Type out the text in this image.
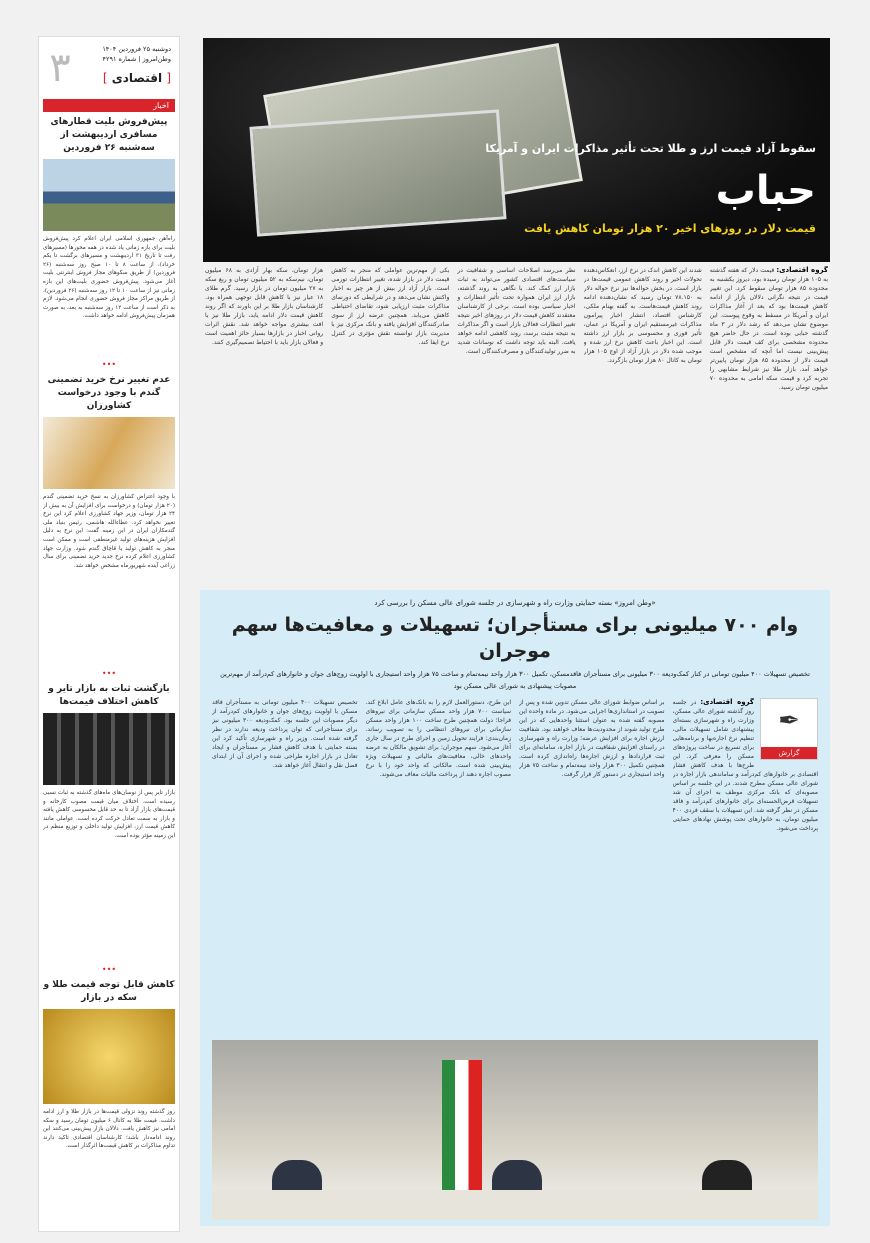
۳	دوشنبه ۲۵ فروردین ۱۴۰۴
وطن‌امروز | شماره ۴۲۹۱
[ اقتصادی ]
اخبار
پیش‌فروش بلیت قطارهای مسافری اردیبهشت از سه‌شنبه ۲۶ فروردین
راه‌آهن جمهوری اسلامی ایران اعلام کرد پیش‌فروش بلیت برای بازه زمانی یاد شده در همه محورها (مسیرهای رفت تا تاریخ ۳۱ اردیبهشت و مسیرهای برگشت تا یکم خرداد)، از ساعت ۸ تا ۱۰ صبح روز سه‌شنبه (۲۶ فروردین) از طریق سکوهای مجاز فروش اینترنتی بلیت آغاز می‌شود. پیش‌فروش حضوری بلیت‌های این بازه زمانی نیز از ساعت ۱۰ تا ۱۲ روز سه‌شنبه (۲۶ فروردین)، از طریق مراکز مجاز فروش حضوری انجام می‌شود. لازم به ذکر است از ساعت ۱۲ روز سه‌شنبه به بعد، به صورت همزمان پیش‌فروش ادامه خواهد داشت.
•••
عدم تغییر نرخ خرید تضمینی گندم با وجود درخواست کشاورزان
با وجود اعتراض کشاورزان به نسخ خرید تضمینی گندم (۲۰ هزار تومان) و درخواست برای افزایش آن به بیش از ۲۴ هزار تومان، وزیر جهاد کشاورزی اعلام کرد این نرخ تغییر نخواهد کرد. عطاءالله هاشمی، رئیس بنیاد ملی گندمکاران ایران در این زمینه گفت: این نرخ به دلیل افزایش هزینه‌های تولید غیرمنطقی است و ممکن است منجر به کاهش تولید یا قاچاق گندم شود. وزارت جهاد کشاورزی اعلام کرده نرخ جدید خرید تضمینی برای سال زراعی آینده شهریورماه مشخص خواهد شد.
•••
بازگشت ثبات به بازار تایر و کاهش اختلاف قیمت‌ها
بازار تایر پس از نوسان‌های ماه‌های گذشته به ثبات نسبی رسیده است. اختلاف میان قیمت مصوب کارخانه و قیمت‌های بازار آزاد تا به حد قابل محسوسی کاهش یافته و بازار به سمت تعادل حرکت کرده است. عواملی مانند کاهش قیمت ارز، افزایش تولید داخلی و توزیع منظم در این زمینه مؤثر بوده است.
•••
کاهش قابل توجه قیمت طلا و سکه در بازار
روز گذشته روند نزولی قیمت‌ها در بازار طلا و ارز ادامه داشت. قیمت طلا به کانال ۶ میلیون تومان رسید و سکه امامی نیز کاهش یافت. دلالان بازار پیش‌بینی می‌کنند این روند ادامه‌دار باشد؛ کارشناسان اقتصادی تاکید دارند تداوم مذاکرات بر کاهش قیمت‌ها اثرگذار است.
سقوط آزاد قیمت ارز و طلا تحت تأثیر مذاکرات ایران و آمریکا
حباب
قیمت دلار در روزهای اخیر ۲۰ هزار تومان کاهش یافت
گروه اقتصادی: قیمت دلار که هفته گذشته به ۱۰۵ هزار تومان رسیده بود، دیروز یکشنبه به محدوده ۸۵ هزار تومان سقوط کرد. این تغییر قیمت در نتیجه نگرانی دلالان بازار از ادامه کاهش قیمت‌ها بود که بعد از آغاز مذاکرات ایران و آمریکا در مسقط به وقوع پیوست. این موضوع نشان می‌دهد که رشد دلار در ۳ ماه گذشته حبابی بوده است. در حال حاضر هیچ محدوده مشخصی برای کف قیمت دلار قابل پیش‌بینی نیست اما آنچه که مشخص است قیمت دلار از محدوده ۸۵ هزار تومان پایین‌تر خواهد آمد. بازار طلا نیز شرایط مشابهی را تجربه کرد و قیمت سکه امامی به محدوده ۷۰ میلیون تومان رسید.
شدند این کاهش اندک در نرخ ارز، انعکاس‌دهنده تحولات اخیر و روند کاهش عمومی قیمت‌ها در بازار است. در بخش حواله‌ها نیز نرخ حواله دلار به ۷۸.۱۵۰ تومان رسید که نشان‌دهنده ادامه روند کاهش قیمت‌هاست. به گفته بهنام ملکی، کارشناس اقتصاد، انتشار اخبار پیرامون مذاکرات غیرمستقیم ایران و آمریکا در عمان، تأثیر فوری و محسوسی بر بازار ارز داشته است. این اخبار باعث کاهش نرخ ارز شده و موجب شده دلار در بازار آزاد از اوج ۱۰۵ هزار تومان به کانال ۸۰ هزار تومان بازگردد.
نظر می‌رسد اصلاحات اساسی و شفافیت در سیاست‌های اقتصادی کشور می‌تواند به ثبات بازار ارز کمک کند. با نگاهی به روند گذشته، بازار ارز ایران همواره تحت تأثیر انتظارات و اخبار سیاسی بوده است. برخی از کارشناسان معتقدند کاهش قیمت دلار در روزهای اخیر نتیجه تغییر انتظارات فعالان بازار است و اگر مذاکرات به نتیجه مثبت برسد، روند کاهشی ادامه خواهد یافت. البته باید توجه داشت که نوسانات شدید به ضرر تولیدکنندگان و مصرف‌کنندگان است.
بکی از مهم‌ترین عواملی که منجر به کاهش قیمت دلار در بازار شده، تغییر انتظارات تورمی است. بازار آزاد ارز بیش از هر چیز به اخبار واکنش نشان می‌دهد و در شرایطی که دورنمای مذاکرات مثبت ارزیابی شود، تقاضای احتیاطی کاهش می‌یابد. همچنین عرضه ارز از سوی صادرکنندگان افزایش یافته و بانک مرکزی نیز با مدیریت بازار توانسته نقش مؤثری در کنترل نرخ ایفا کند.
هزار تومان، سکه بهار آزادی به ۶۸ میلیون تومان، نیم‌سکه به ۵۲ میلیون تومان و ربع سکه به ۲۷ میلیون تومان در بازار رسید. گرم طلای ۱۸ عیار نیز با کاهش قابل توجهی همراه بود. کارشناسان بازار طلا بر این باورند که اگر روند کاهش قیمت دلار ادامه یابد، بازار طلا نیز با افت بیشتری مواجه خواهد شد. نقش اثرات روانی اخبار در بازارها بسیار حائز اهمیت است و فعالان بازار باید با احتیاط تصمیم‌گیری کنند.
«وطن امروز» بسته حمایتی وزارت راه و شهرسازی در جلسه شورای عالی مسکن را بررسی کرد
وام ۷۰۰ میلیونی برای مستأجران؛ تسهیلات و معافیت‌ها سهم موجران
تخصیص تسهیلات ۴۰۰ میلیون تومانی در کنار کمک‌ودیعه ۳۰۰ میلیونی برای مستأجران فاقدمسکن، تکمیل ۳۰۰ هزار واحد نیمه‌تمام و ساخت ۷۵ هزار واحد استیجاری با اولویت زوج‌های جوان و خانوارهای کم‌درآمد از مهم‌ترین مصوبات پیشنهادی به شورای عالی مسکن بود
✒
گزارش
گروه اقتصادی: در جلسه روز گذشته شورای عالی مسکن، وزارت راه و شهرسازی بسته‌ای پیشنهادی شامل تسهیلات مالی، تنظیم نرخ اجاره‌بها و برنامه‌هایی برای تسریع در ساخت پروژه‌های مسکن را معرفی کرد. این طرح‌ها با هدف کاهش فشار اقتصادی بر خانوارهای کم‌درآمد و ساماندهی بازار اجاره در شورای عالی مسکن مطرح شدند. در این جلسه بر اساس مصوبه‌ای که بانک مرکزی موظف به اجرای آن شد تسهیلات قرض‌الحسنه‌ای برای خانوارهای کم‌درآمد و فاقد مسکن در نظر گرفته شد. این تسهیلات با سقف فردی ۴۰۰ میلیون تومان، به خانوارهای تحت پوشش نهادهای حمایتی پرداخت می‌شود.
بر اساس ضوابط شورای عالی مسکن تدوین شده و پس از تصویب در استانداری‌ها اجرایی می‌شود. در ماده واحده این مصوبه گفته شده به عنوان استثنا واحدهایی که در این طرح تولید شوند از محدودیت‌ها معاف خواهند بود. شفافیت ارزش اجاره برای افزایش عرضه؛ وزارت راه و شهرسازی در راستای افزایش شفافیت در بازار اجاره، سامانه‌ای برای ثبت قراردادها و ارزش اجاره‌ها راه‌اندازی کرده است. همچنین تکمیل ۳۰۰ هزار واحد نیمه‌تمام و ساخت ۷۵ هزار واحد استیجاری در دستور کار قرار گرفت.
این طرح، دستورالعمل لازم را به بانک‌های عامل ابلاغ کند. سیاست ۷۰۰ هزار واحد مسکن سازمانی برای نیروهای فراجا؛ دولت همچنین طرح ساخت ۱۰۰ هزار واحد مسکن سازمانی برای نیروهای انتظامی را به تصویب رساند. زمان‌بندی: فرایند تحویل زمین و اجرای طرح در سال جاری آغاز می‌شود. سهم موجران: برای تشویق مالکان به عرضه واحدهای خالی، معافیت‌های مالیاتی و تسهیلات ویژه پیش‌بینی شده است. مالکانی که واحد خود را با نرخ مصوب اجاره دهند از پرداخت مالیات معاف می‌شوند.
تخصیص تسهیلات ۴۰۰ میلیون تومانی به مستأجران فاقد مسکن با اولویت زوج‌های جوان و خانوارهای کم‌درآمد از دیگر مصوبات این جلسه بود. کمک‌ودیعه ۳۰۰ میلیونی نیز برای مستأجرانی که توان پرداخت ودیعه ندارند در نظر گرفته شده است. وزیر راه و شهرسازی تأکید کرد این بسته حمایتی با هدف کاهش فشار بر مستأجران و ایجاد تعادل در بازار اجاره طراحی شده و اجرای آن از ابتدای فصل نقل و انتقال آغاز خواهد شد.
